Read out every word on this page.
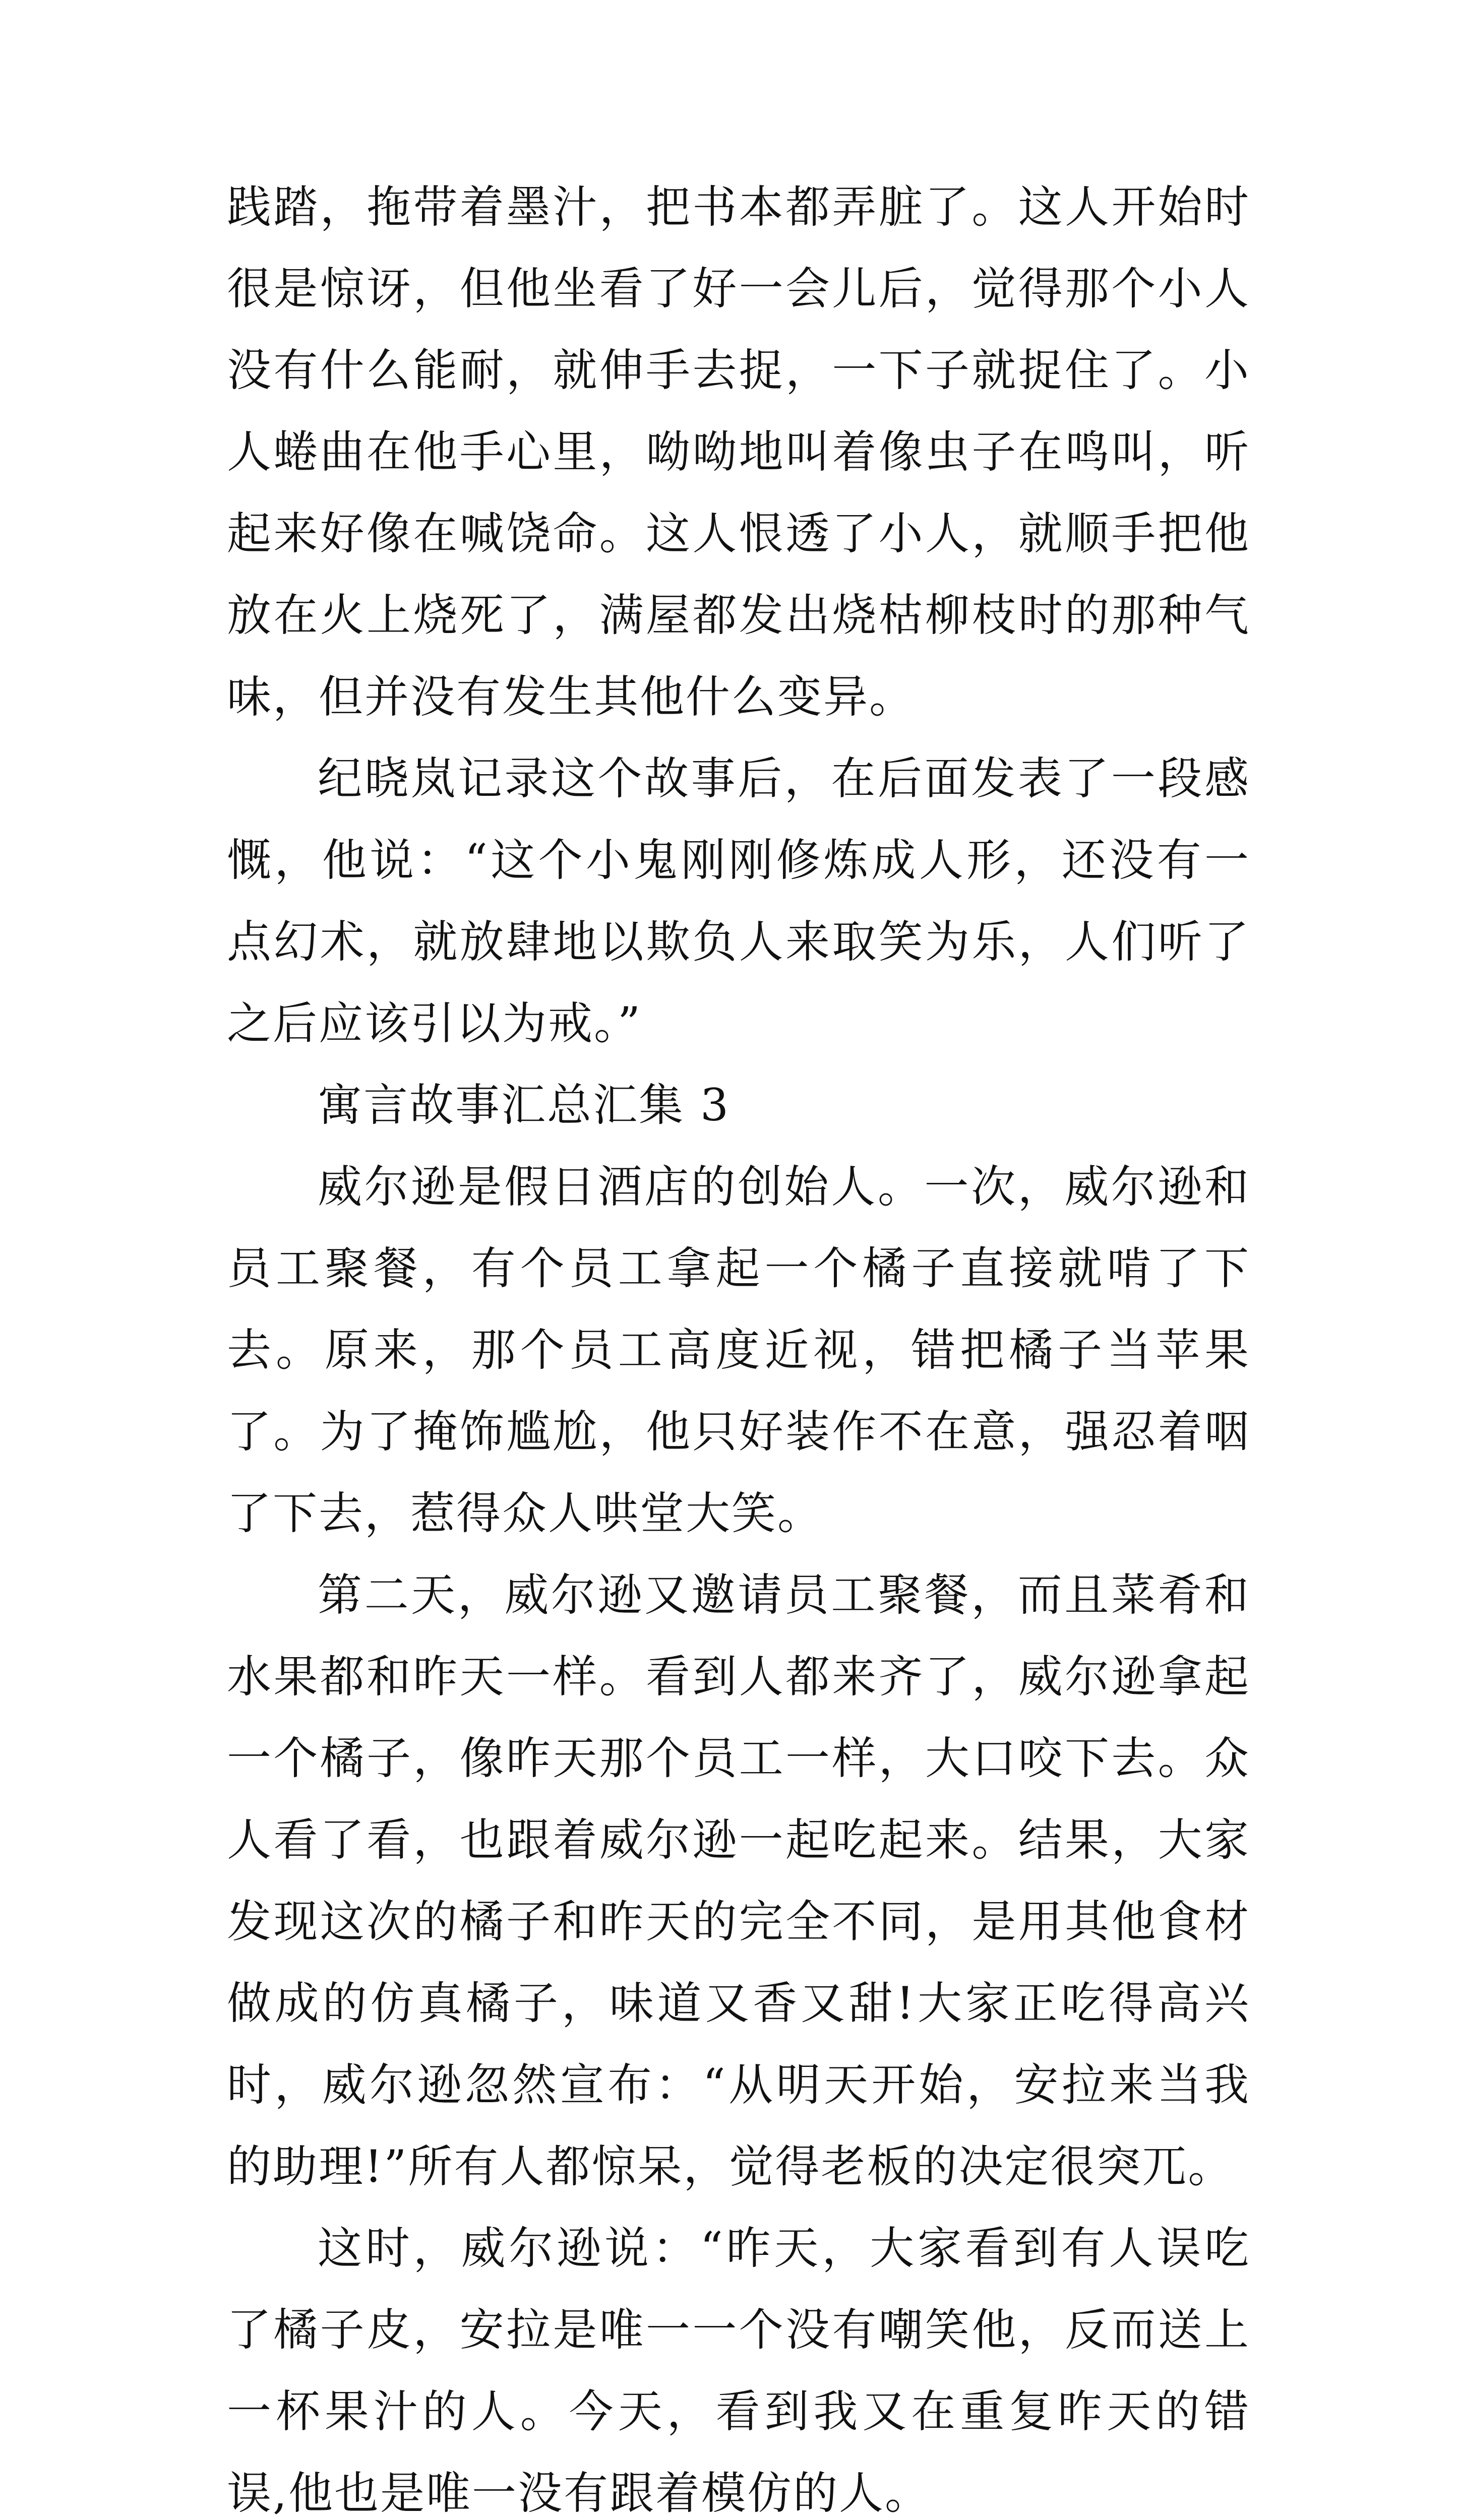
践踏，拖带着墨汁，把书本都弄脏了。这人开始时很是惊讶，但他坐看了好一会儿后，觉得那个小人没有什么能耐，就伸手去捉，一下子就捉住了。小人蜷曲在他手心里，呦呦地叫着像虫子在鸣叫，听起来好像在喊饶命。这人恨透了小人，就顺手把他放在火上烧死了，满屋都发出烧枯柳枝时的那种气味，但并没有发生其他什么变异。

纪晓岚记录这个故事后，在后面发表了一段感慨，他说：“这个小鬼刚刚修炼成人形，还没有一点幻术，就放肆地以欺负人来取笑为乐，人们听了之后应该引以为戒。”

寓言故事汇总汇集 3

威尔逊是假日酒店的创始人。一次，威尔逊和员工聚餐，有个员工拿起一个橘子直接就啃了下去。原来，那个员工高度近视，错把橘子当苹果了。为了掩饰尴尬，他只好装作不在意，强忍着咽了下去，惹得众人哄堂大笑。

第二天，威尔逊又邀请员工聚餐，而且菜肴和水果都和昨天一样。看到人都来齐了，威尔逊拿起一个橘子，像昨天那个员工一样，大口咬下去。众人看了看，也跟着威尔逊一起吃起来。结果，大家发现这次的橘子和昨天的完全不同，是用其他食材做成的仿真橘子，味道又香又甜!大家正吃得高兴时，威尔逊忽然宣布：“从明天开始，安拉来当我的助理!”所有人都惊呆，觉得老板的决定很突兀。

这时，威尔逊说：“昨天，大家看到有人误吃了橘子皮，安拉是唯一一个没有嘲笑他，反而送上一杯果汁的人。今天，看到我又在重复昨天的错误,他也是唯一没有跟着模仿的人。
